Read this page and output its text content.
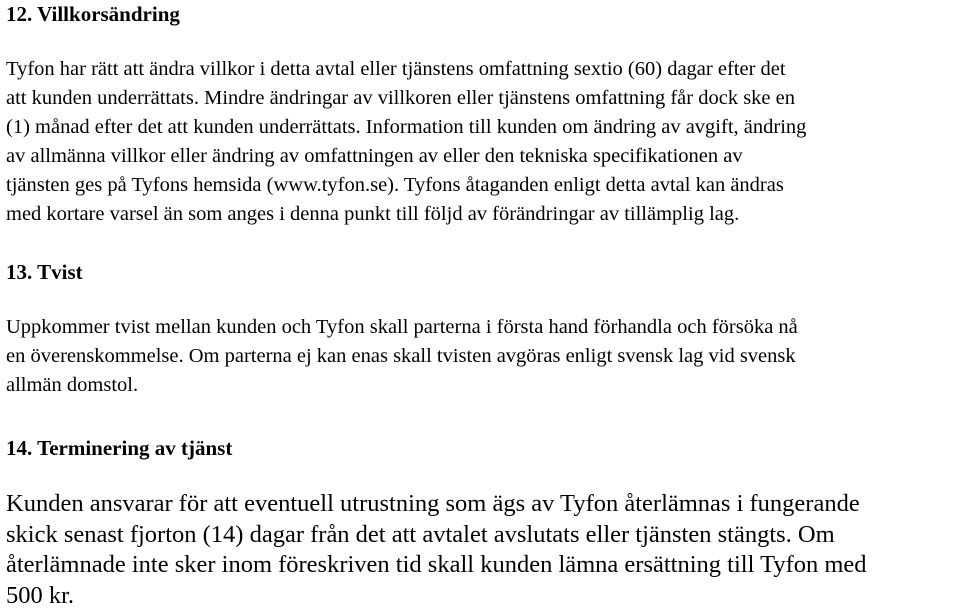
12. Villkorsändring
Tyfon har rätt att ändra villkor i detta avtal eller tjänstens omfattning sextio (60) dagar efter det
att kunden underrättats. Mindre ändringar av villkoren eller tjänstens omfattning får dock ske en
(1) månad efter det att kunden underrättats. Information till kunden om ändring av avgift, ändring
av allmänna villkor eller ändring av omfattningen av eller den tekniska specifikationen av
tjänsten ges på Tyfons hemsida (www.tyfon.se). Tyfons åtaganden enligt detta avtal kan ändras
med kortare varsel än som anges i denna punkt till följd av förändringar av tillämplig lag.
13. Tvist
Uppkommer tvist mellan kunden och Tyfon skall parterna i första hand förhandla och försöka nå
en överenskommelse. Om parterna ej kan enas skall tvisten avgöras enligt svensk lag vid svensk
allmän domstol.
14. Terminering av tjänst
Kunden ansvarar för att eventuell utrustning som ägs av Tyfon återlämnas i fungerande
skick senast fjorton (14) dagar från det att avtalet avslutats eller tjänsten stängts. Om
återlämnade inte sker inom föreskriven tid skall kunden lämna ersättning till Tyfon med
500 kr.
